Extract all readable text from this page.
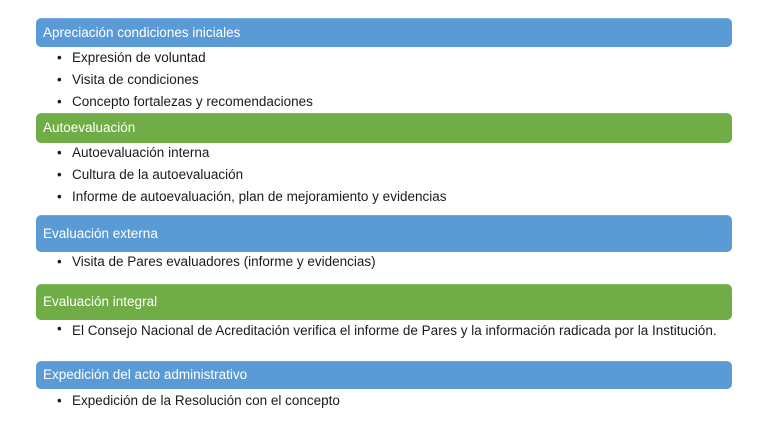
Apreciación condiciones iniciales
• Expresión de voluntad
• Visita de condiciones
• Concepto fortalezas y recomendaciones
Autoevaluación
• Autoevaluación interna
• Cultura de la autoevaluación
• Informe de autoevaluación, plan de mejoramiento y evidencias
Evaluación externa
• Visita de Pares evaluadores (informe y evidencias)
Evaluación integral
• El Consejo Nacional de Acreditación verifica el informe de Pares y la información radicada por la Institución.
Expedición del acto administrativo
• Expedición de la Resolución con el concepto
